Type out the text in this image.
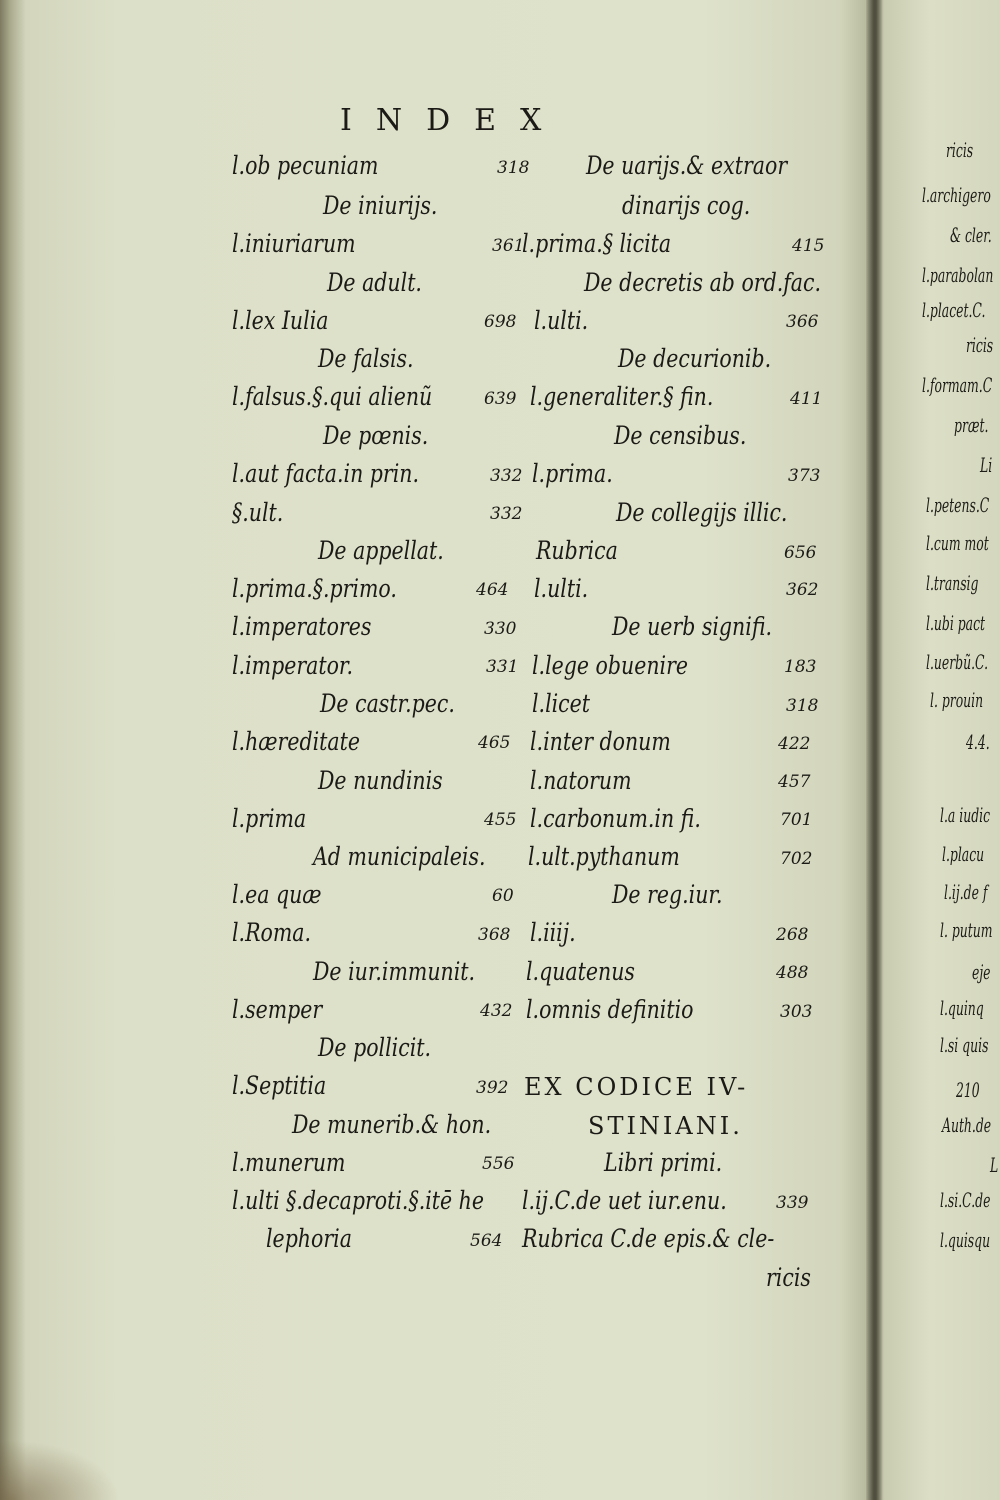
INDEX
l.ob pecuniam	318
De iniurijs.
l.iniuriarum	361
De adult.
l.lex Iulia	698
De falsis.
l.falsus.§.qui alienũ	639
De pœnis.
l.aut facta.in prin.	332
§.ult.	332
De appellat.
l.prima.§.primo.	464
l.imperatores	330
l.imperator.	331
De castr.pec.
l.hæreditate	465
De nundinis
l.prima	455
Ad municipaleis.
l.ea quæ	60
l.Roma.	368
De iur.immunit.
l.semper	432
De pollicit.
l.Septitia	392
De munerib.& hon.
l.munerum	556
l.ulti §.decaproti.§.itē he
lephoria	564
De uarijs.& extraor
dinarijs cog.
l.prima.§ licita	415
De decretis ab ord.fac.
l.ulti.	366
De decurionib.
l.generaliter.§ fin.	411
De censibus.
l.prima.	373
De collegijs illic.
Rubrica	656
l.ulti.	362
De uerb signifi.
l.lege obuenire	183
l.licet	318
l.inter donum	422
l.natorum	457
l.carbonum.in fi.	701
l.ult.pythanum	702
De reg.iur.
l.iiij.	268
l.quatenus	488
l.omnis definitio	303
EX CODICE IV-
STINIANI.
Libri primi.
l.ij.C.de uet iur.enu.	339
Rubrica C.de epis.& cle-
ricis
ricis
l.archigero
& cler.
l.parabolan
l.placet.C.
ricis
l.formam.C
præt.
Li
l.petens.C
l.cum mot
l.transig
l.ubi pact
l.uerbũ.C.
l. prouin
4.4.
l.a iudic
l.placu
l.ij.de f
l. putum
eje
l.quinq
l.si quis
210
Auth.de
L
l.si.C.de
l.quisqu
